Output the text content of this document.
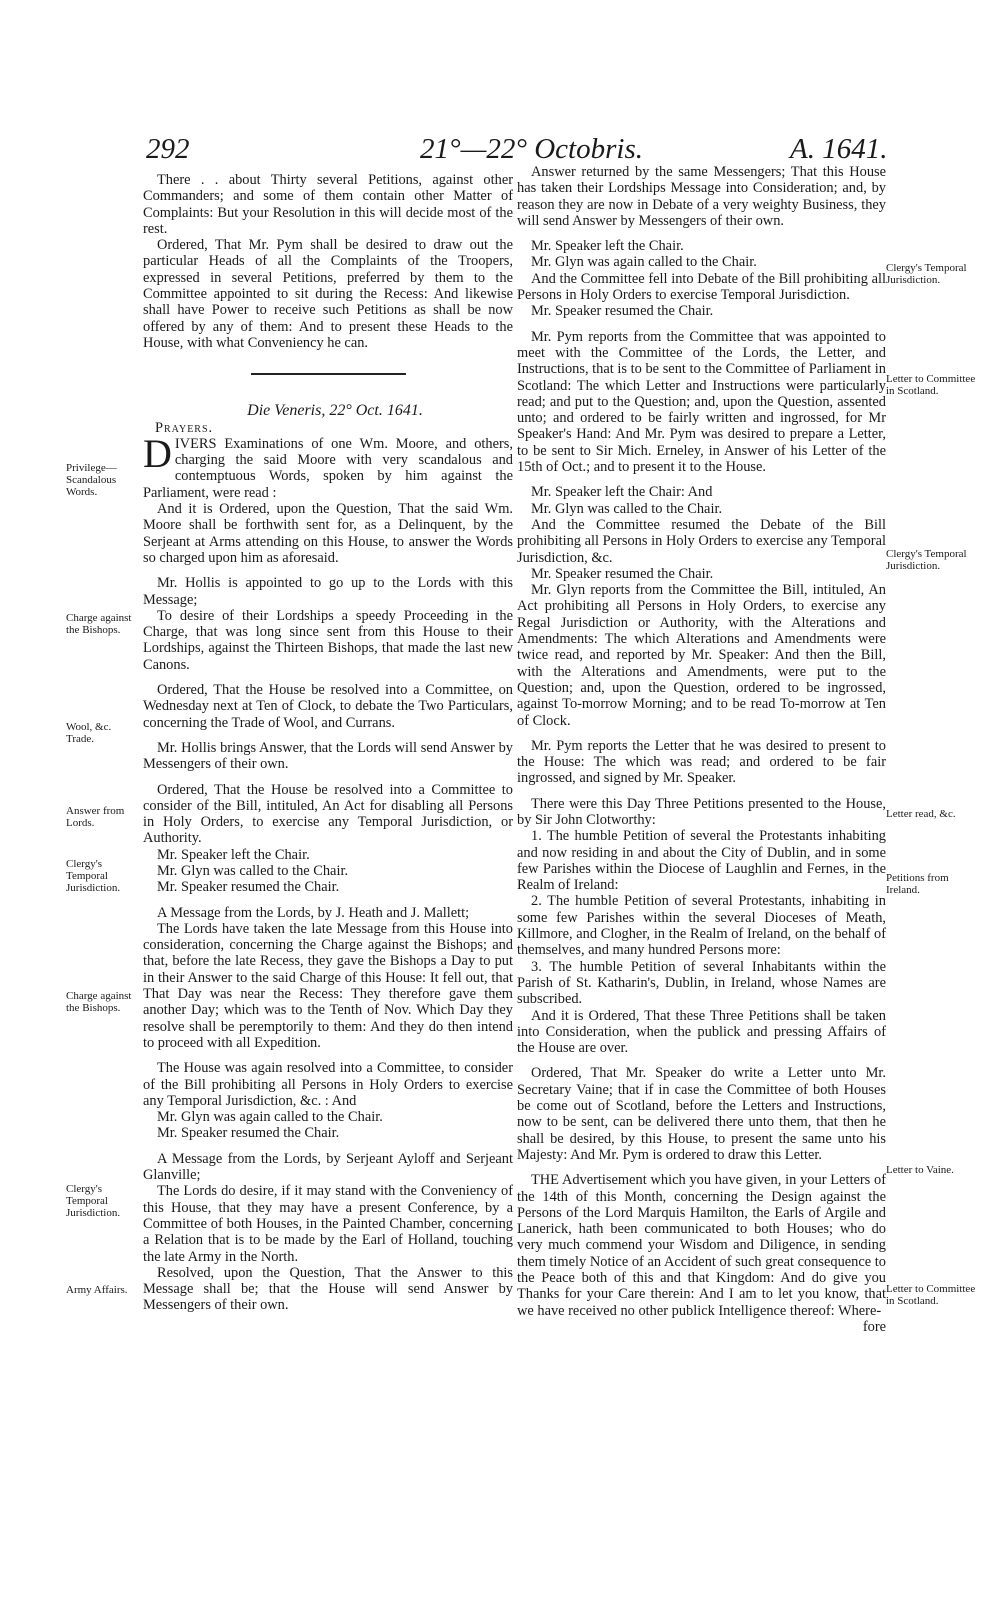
292	21°—22° Octobris.	A. 1641.

There . . about Thirty several Petitions, against other Commanders; and some of them contain other Matter of Complaints: But your Resolution in this will decide most of the rest.

Ordered, That Mr. Pym shall be desired to draw out the particular Heads of all the Complaints of the Troopers, expressed in several Petitions, preferred by them to the Committee appointed to sit during the Recess: And likewise shall have Power to receive such Petitions as shall be now offered by any of them: And to present these Heads to the House, with what Conveniency he can.

Die Veneris, 22° Oct. 1641.

Prayers.

DIVERS Examinations of one Wm. Moore, and others, charging the said Moore with very scandalous and contemptuous Words, spoken by him against the Parliament, were read :

And it is Ordered, upon the Question, That the said Wm. Moore shall be forthwith sent for, as a Delinquent, by the Serjeant at Arms attending on this House, to answer the Words so charged upon him as aforesaid.

Mr. Hollis is appointed to go up to the Lords with this Message;

To desire of their Lordships a speedy Proceeding in the Charge, that was long since sent from this House to their Lordships, against the Thirteen Bishops, that made the last new Canons.

Ordered, That the House be resolved into a Committee, on Wednesday next at Ten of Clock, to debate the Two Particulars, concerning the Trade of Wool, and Currans.

Mr. Hollis brings Answer, that the Lords will send Answer by Messengers of their own.

Ordered, That the House be resolved into a Committee to consider of the Bill, intituled, An Act for disabling all Persons in Holy Orders, to exercise any Temporal Jurisdiction, or Authority.

Mr. Speaker left the Chair.

Mr. Glyn was called to the Chair.

Mr. Speaker resumed the Chair.

A Message from the Lords, by J. Heath and J. Mallett;

The Lords have taken the late Message from this House into consideration, concerning the Charge against the Bishops; and that, before the late Recess, they gave the Bishops a Day to put in their Answer to the said Charge of this House: It fell out, that That Day was near the Recess: They therefore gave them another Day; which was to the Tenth of Nov. Which Day they resolve shall be peremptorily to them: And they do then intend to proceed with all Expedition.

The House was again resolved into a Committee, to consider of the Bill prohibiting all Persons in Holy Orders to exercise any Temporal Jurisdiction, &c. : And

Mr. Glyn was again called to the Chair.

Mr. Speaker resumed the Chair.

A Message from the Lords, by Serjeant Ayloff and Serjeant Glanville;

The Lords do desire, if it may stand with the Conveniency of this House, that they may have a present Conference, by a Committee of both Houses, in the Painted Chamber, concerning a Relation that is to be made by the Earl of Holland, touching the late Army in the North.

Resolved, upon the Question, That the Answer to this Message shall be; that the House will send Answer by Messengers of their own.

Privilege—Scandalous Words.
Charge against the Bishops.
Wool, &c. Trade.
Answer from Lords.
Clergy's Temporal Jurisdiction.
Charge against the Bishops.
Clergy's Temporal Jurisdiction.
Army Affairs.

Answer returned by the same Messengers; That this House has taken their Lordships Message into Consideration; and, by reason they are now in Debate of a very weighty Business, they will send Answer by Messengers of their own.

Mr. Speaker left the Chair.

Mr. Glyn was again called to the Chair.

And the Committee fell into Debate of the Bill prohibiting all Persons in Holy Orders to exercise Temporal Jurisdiction.

Mr. Speaker resumed the Chair.

Mr. Pym reports from the Committee that was appointed to meet with the Committee of the Lords, the Letter, and Instructions, that is to be sent to the Committee of Parliament in Scotland: The which Letter and Instructions were particularly read; and put to the Question; and, upon the Question, assented unto; and ordered to be fairly written and ingrossed, for Mr Speaker's Hand: And Mr. Pym was desired to prepare a Letter, to be sent to Sir Mich. Erneley, in Answer of his Letter of the 15th of Oct.; and to present it to the House.

Mr. Speaker left the Chair: And

Mr. Glyn was called to the Chair.

And the Committee resumed the Debate of the Bill prohibiting all Persons in Holy Orders to exercise any Temporal Jurisdiction, &c.

Mr. Speaker resumed the Chair.

Mr. Glyn reports from the Committee the Bill, intituled, An Act prohibiting all Persons in Holy Orders, to exercise any Regal Jurisdiction or Authority, with the Alterations and Amendments: The which Alterations and Amendments were twice read, and reported by Mr. Speaker: And then the Bill, with the Alterations and Amendments, were put to the Question; and, upon the Question, ordered to be ingrossed, against To-morrow Morning; and to be read To-morrow at Ten of Clock.

Mr. Pym reports the Letter that he was desired to present to the House: The which was read; and ordered to be fair ingrossed, and signed by Mr. Speaker.

There were this Day Three Petitions presented to the House, by Sir John Clotworthy:

1. The humble Petition of several the Protestants inhabiting and now residing in and about the City of Dublin, and in some few Parishes within the Diocese of Laughlin and Fernes, in the Realm of Ireland:

2. The humble Petition of several Protestants, inhabiting in some few Parishes within the several Dioceses of Meath, Killmore, and Clogher, in the Realm of Ireland, on the behalf of themselves, and many hundred Persons more:

3. The humble Petition of several Inhabitants within the Parish of St. Katharin's, Dublin, in Ireland, whose Names are subscribed.

And it is Ordered, That these Three Petitions shall be taken into Consideration, when the publick and pressing Affairs of the House are over.

Ordered, That Mr. Speaker do write a Letter unto Mr. Secretary Vaine; that if in case the Committee of both Houses be come out of Scotland, before the Letters and Instructions, now to be sent, can be delivered there unto them, that then he shall be desired, by this House, to present the same unto his Majesty: And Mr. Pym is ordered to draw this Letter.

THE Advertisement which you have given, in your Letters of the 14th of this Month, concerning the Design against the Persons of the Lord Marquis Hamilton, the Earls of Argile and Lanerick, hath been communicated to both Houses; who do very much commend your Wisdom and Diligence, in sending them timely Notice of an Accident of such great consequence to the Peace both of this and that Kingdom: And do give you Thanks for your Care therein: And I am to let you know, that we have received no other publick Intelligence thereof: Where-

fore

Clergy's Temporal Jurisdiction.
Letter to Committee in Scotland.
Clergy's Temporal Jurisdiction.
Letter read, &c.
Petitions from Ireland.
Letter to Vaine.
Letter to Committee in Scotland.
